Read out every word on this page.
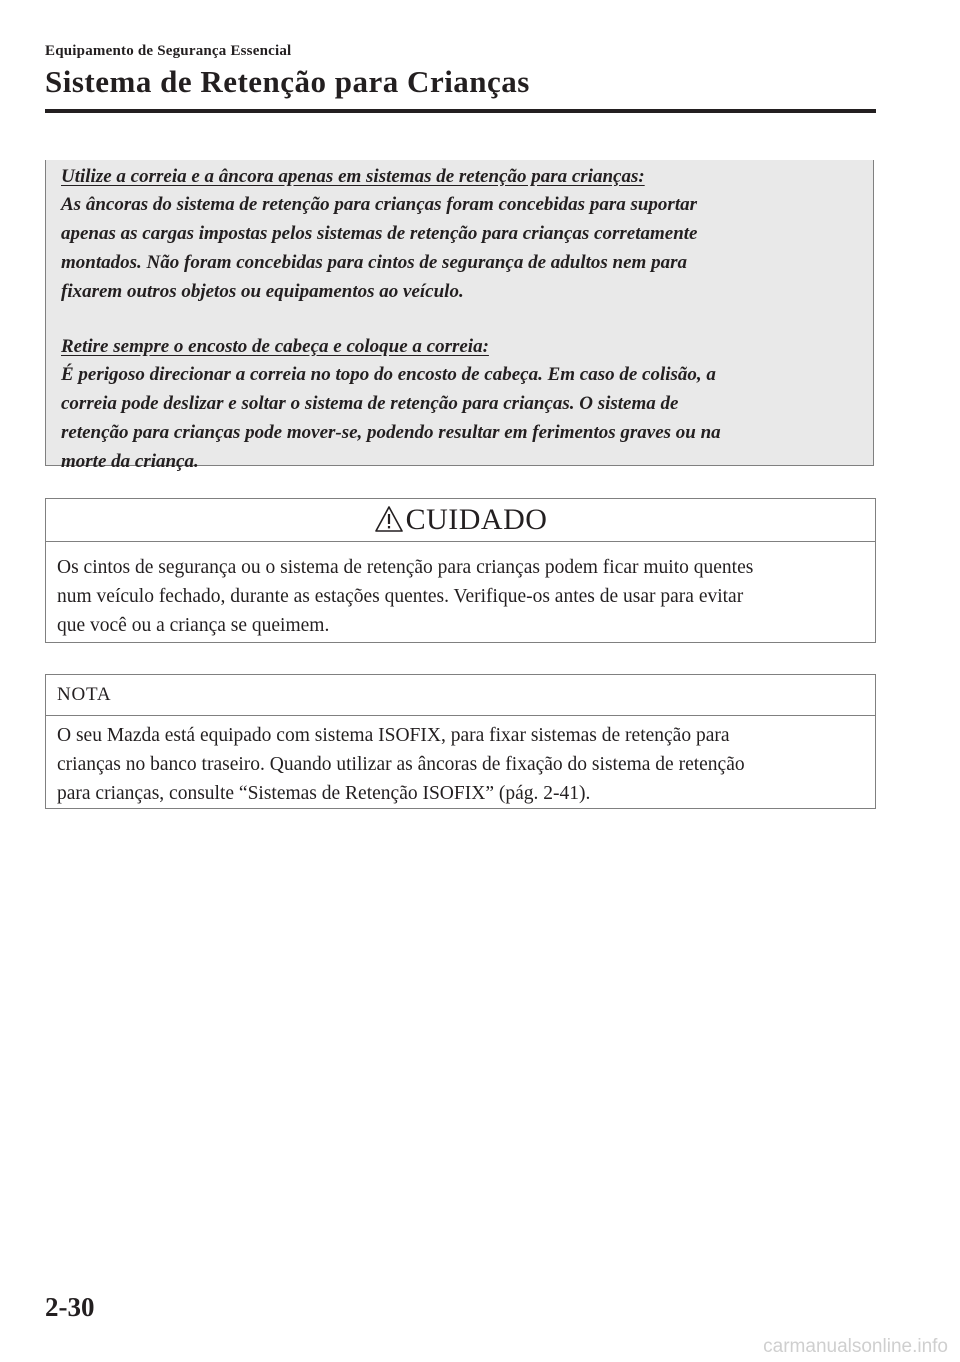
Equipamento de Segurança Essencial
Sistema de Retenção para Crianças

Utilize a correia e a âncora apenas em sistemas de retenção para crianças:

As âncoras do sistema de retenção para crianças foram concebidas para suportar

apenas as cargas impostas pelos sistemas de retenção para crianças corretamente

montados. Não foram concebidas para cintos de segurança de adultos nem para

fixarem outros objetos ou equipamentos ao veículo.

Retire sempre o encosto de cabeça e coloque a correia:

É perigoso direcionar a correia no topo do encosto de cabeça. Em caso de colisão, a

correia pode deslizar e soltar o sistema de retenção para crianças. O sistema de

retenção para crianças pode mover-se, podendo resultar em ferimentos graves ou na

morte da criança.

CUIDADO
Os cintos de segurança ou o sistema de retenção para crianças podem ficar muito quentes
num veículo fechado, durante as estações quentes. Verifique-os antes de usar para evitar
que você ou a criança se queimem.
NOTA
O seu Mazda está equipado com sistema ISOFIX, para fixar sistemas de retenção para
crianças no banco traseiro. Quando utilizar as âncoras de fixação do sistema de retenção
para crianças, consulte “Sistemas de Retenção ISOFIX” (pág. 2-41).
2-30
carmanualsonline.info
